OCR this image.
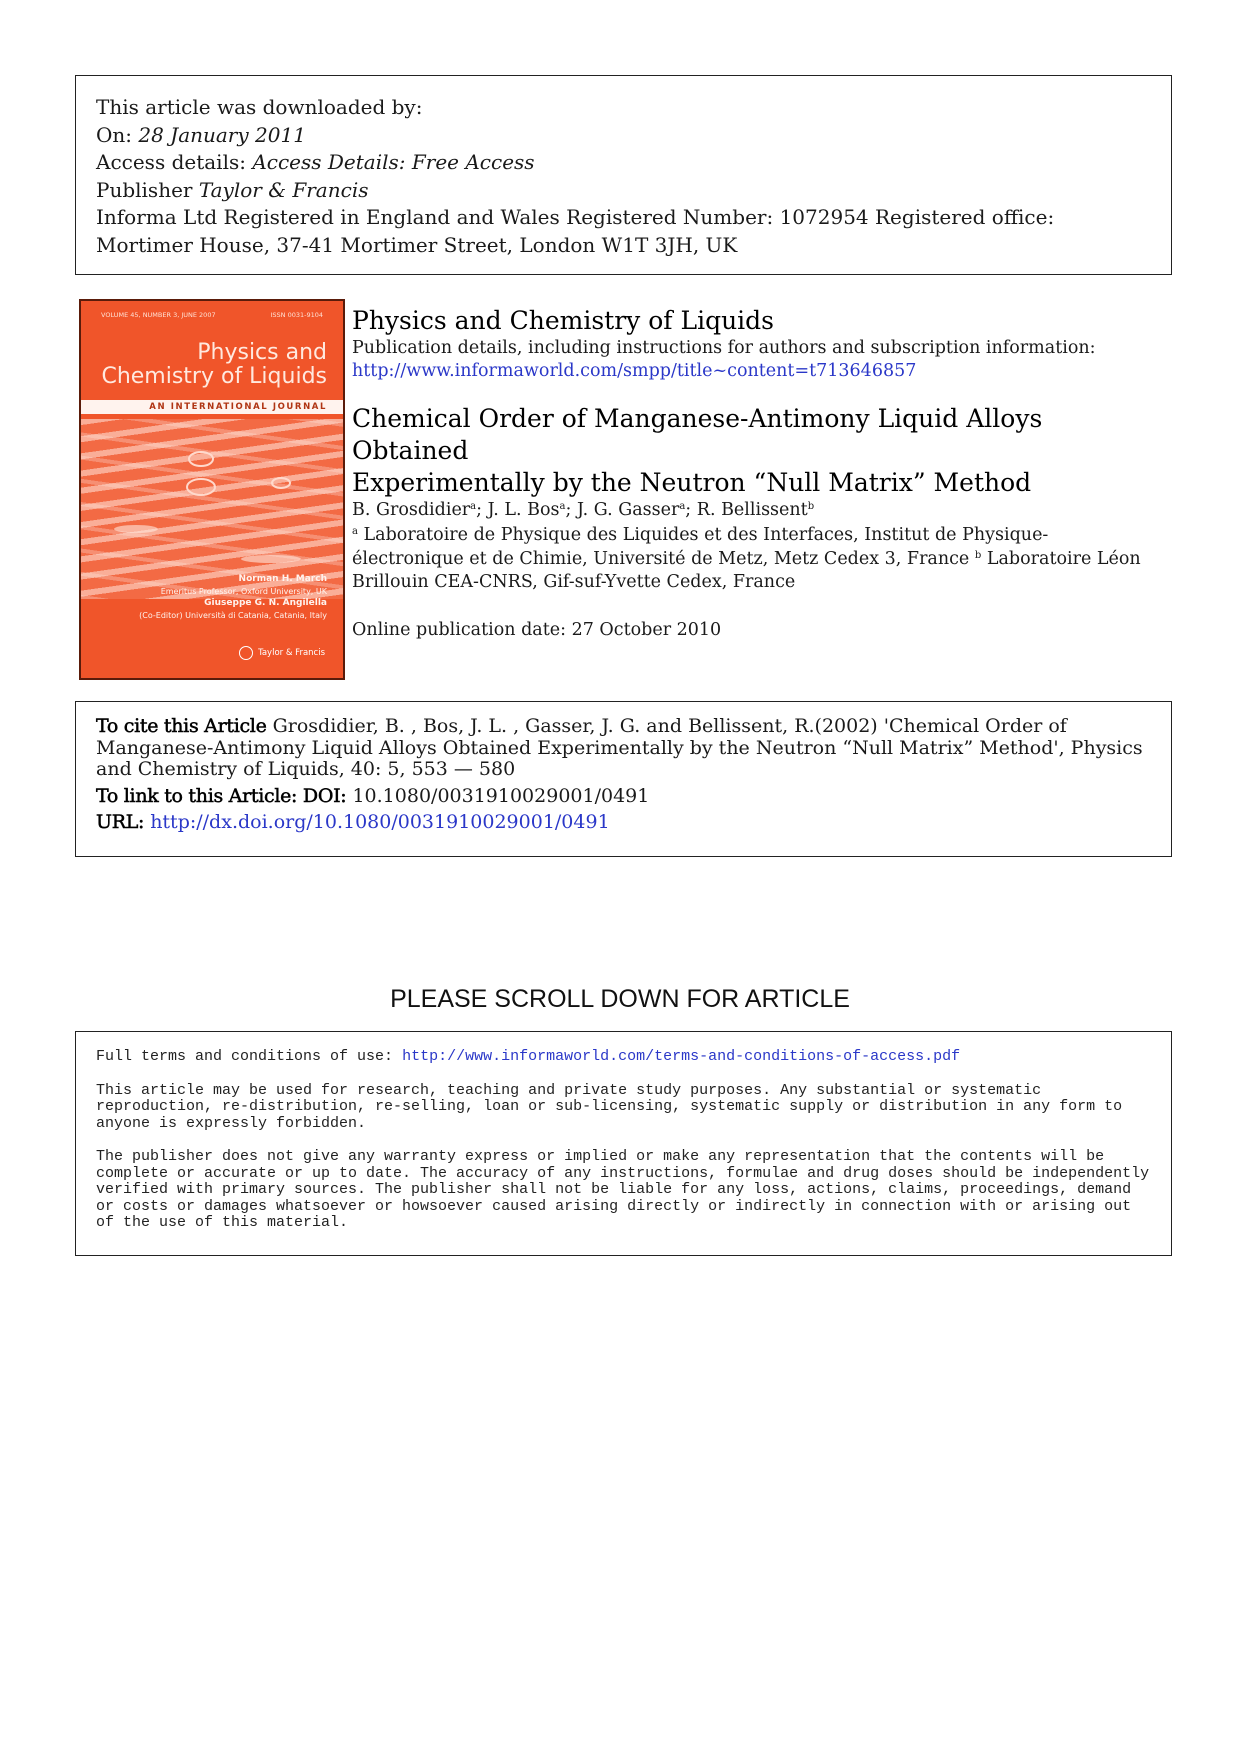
This article was downloaded by:
On: 28 January 2011
Access details: Access Details: Free Access
Publisher Taylor & Francis
Informa Ltd Registered in England and Wales Registered Number: 1072954 Registered office: Mortimer House, 37-41 Mortimer Street, London W1T 3JH, UK
VOLUME 45, NUMBER 3, JUNE 2007	ISSN 0031-9104
Physics and
Chemistry of Liquids
AN INTERNATIONAL JOURNAL
Norman H. March
Emeritus Professor, Oxford University, UK
Giuseppe G. N. Angilella
(Co-Editor) Università di Catania, Catania, Italy
Taylor & Francis
Physics and Chemistry of Liquids
Publication details, including instructions for authors and subscription information:
http://www.informaworld.com/smpp/title~content=t713646857
Chemical Order of Manganese-Antimony Liquid Alloys Obtained
Experimentally by the Neutron “Null Matrix” Method
B. Grosdidier$^a$; J. L. Bos$^a$; J. G. Gasser$^a$; R. Bellissent$^b$
$^a$ Laboratoire de Physique des Liquides et des Interfaces, Institut de Physique-électronique et de Chimie, Université de Metz, Metz Cedex 3, France $^b$ Laboratoire Léon Brillouin CEA-CNRS, Gif-suf-Yvette Cedex, France
Online publication date: 27 October 2010
To cite this Article Grosdidier, B. , Bos, J. L. , Gasser, J. G. and Bellissent, R.(2002) 'Chemical Order of Manganese-Antimony Liquid Alloys Obtained Experimentally by the Neutron “Null Matrix” Method', Physics and Chemistry of Liquids, 40: 5, 553 — 580
To link to this Article: DOI: 10.1080/0031910029001/0491
URL: http://dx.doi.org/10.1080/0031910029001/0491
PLEASE SCROLL DOWN FOR ARTICLE

Full terms and conditions of use: http://www.informaworld.com/terms-and-conditions-of-access.pdf

This article may be used for research, teaching and private study purposes. Any substantial or systematic reproduction, re-distribution, re-selling, loan or sub-licensing, systematic supply or distribution in any form to anyone is expressly forbidden.

The publisher does not give any warranty express or implied or make any representation that the contents will be complete or accurate or up to date. The accuracy of any instructions, formulae and drug doses should be independently verified with primary sources. The publisher shall not be liable for any loss, actions, claims, proceedings, demand or costs or damages whatsoever or howsoever caused arising directly or indirectly in connection with or arising out of the use of this material.
